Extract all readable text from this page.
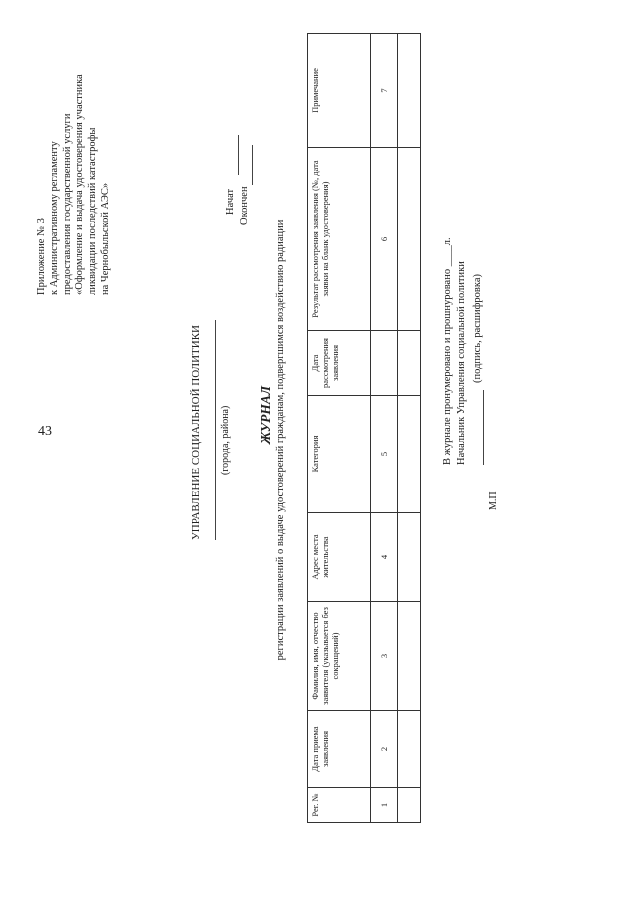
43
Приложение № 3 к Административному регламенту предоставления государственной услуги «Оформление и выдача удостоверения участника ликвидации последствий катастрофы на Чернобыльской АЭС»
УПРАВЛЕНИЕ СОЦИАЛЬНОЙ ПОЛИТИКИ (города, района)
Начат Окончен
ЖУРНАЛ регистрации заявлений о выдаче удостоверений гражданам, подвергшимся воздействию радиации
Рег. №	Дата приема заявления	Фамилия, имя, отчество заявителя (указывается без сокращений)	Адрес места жительства	Категория	Дата рассмотрения заявления	Результат рассмотрения заявления (№, дата заявки на бланк удостоверения)	Примечание
1	2	3	4	5		6	7

В журнале пронумеровано и прошнуровано ____л. Начальник Управления социальной политики (подпись, расшифровка)
М.П
